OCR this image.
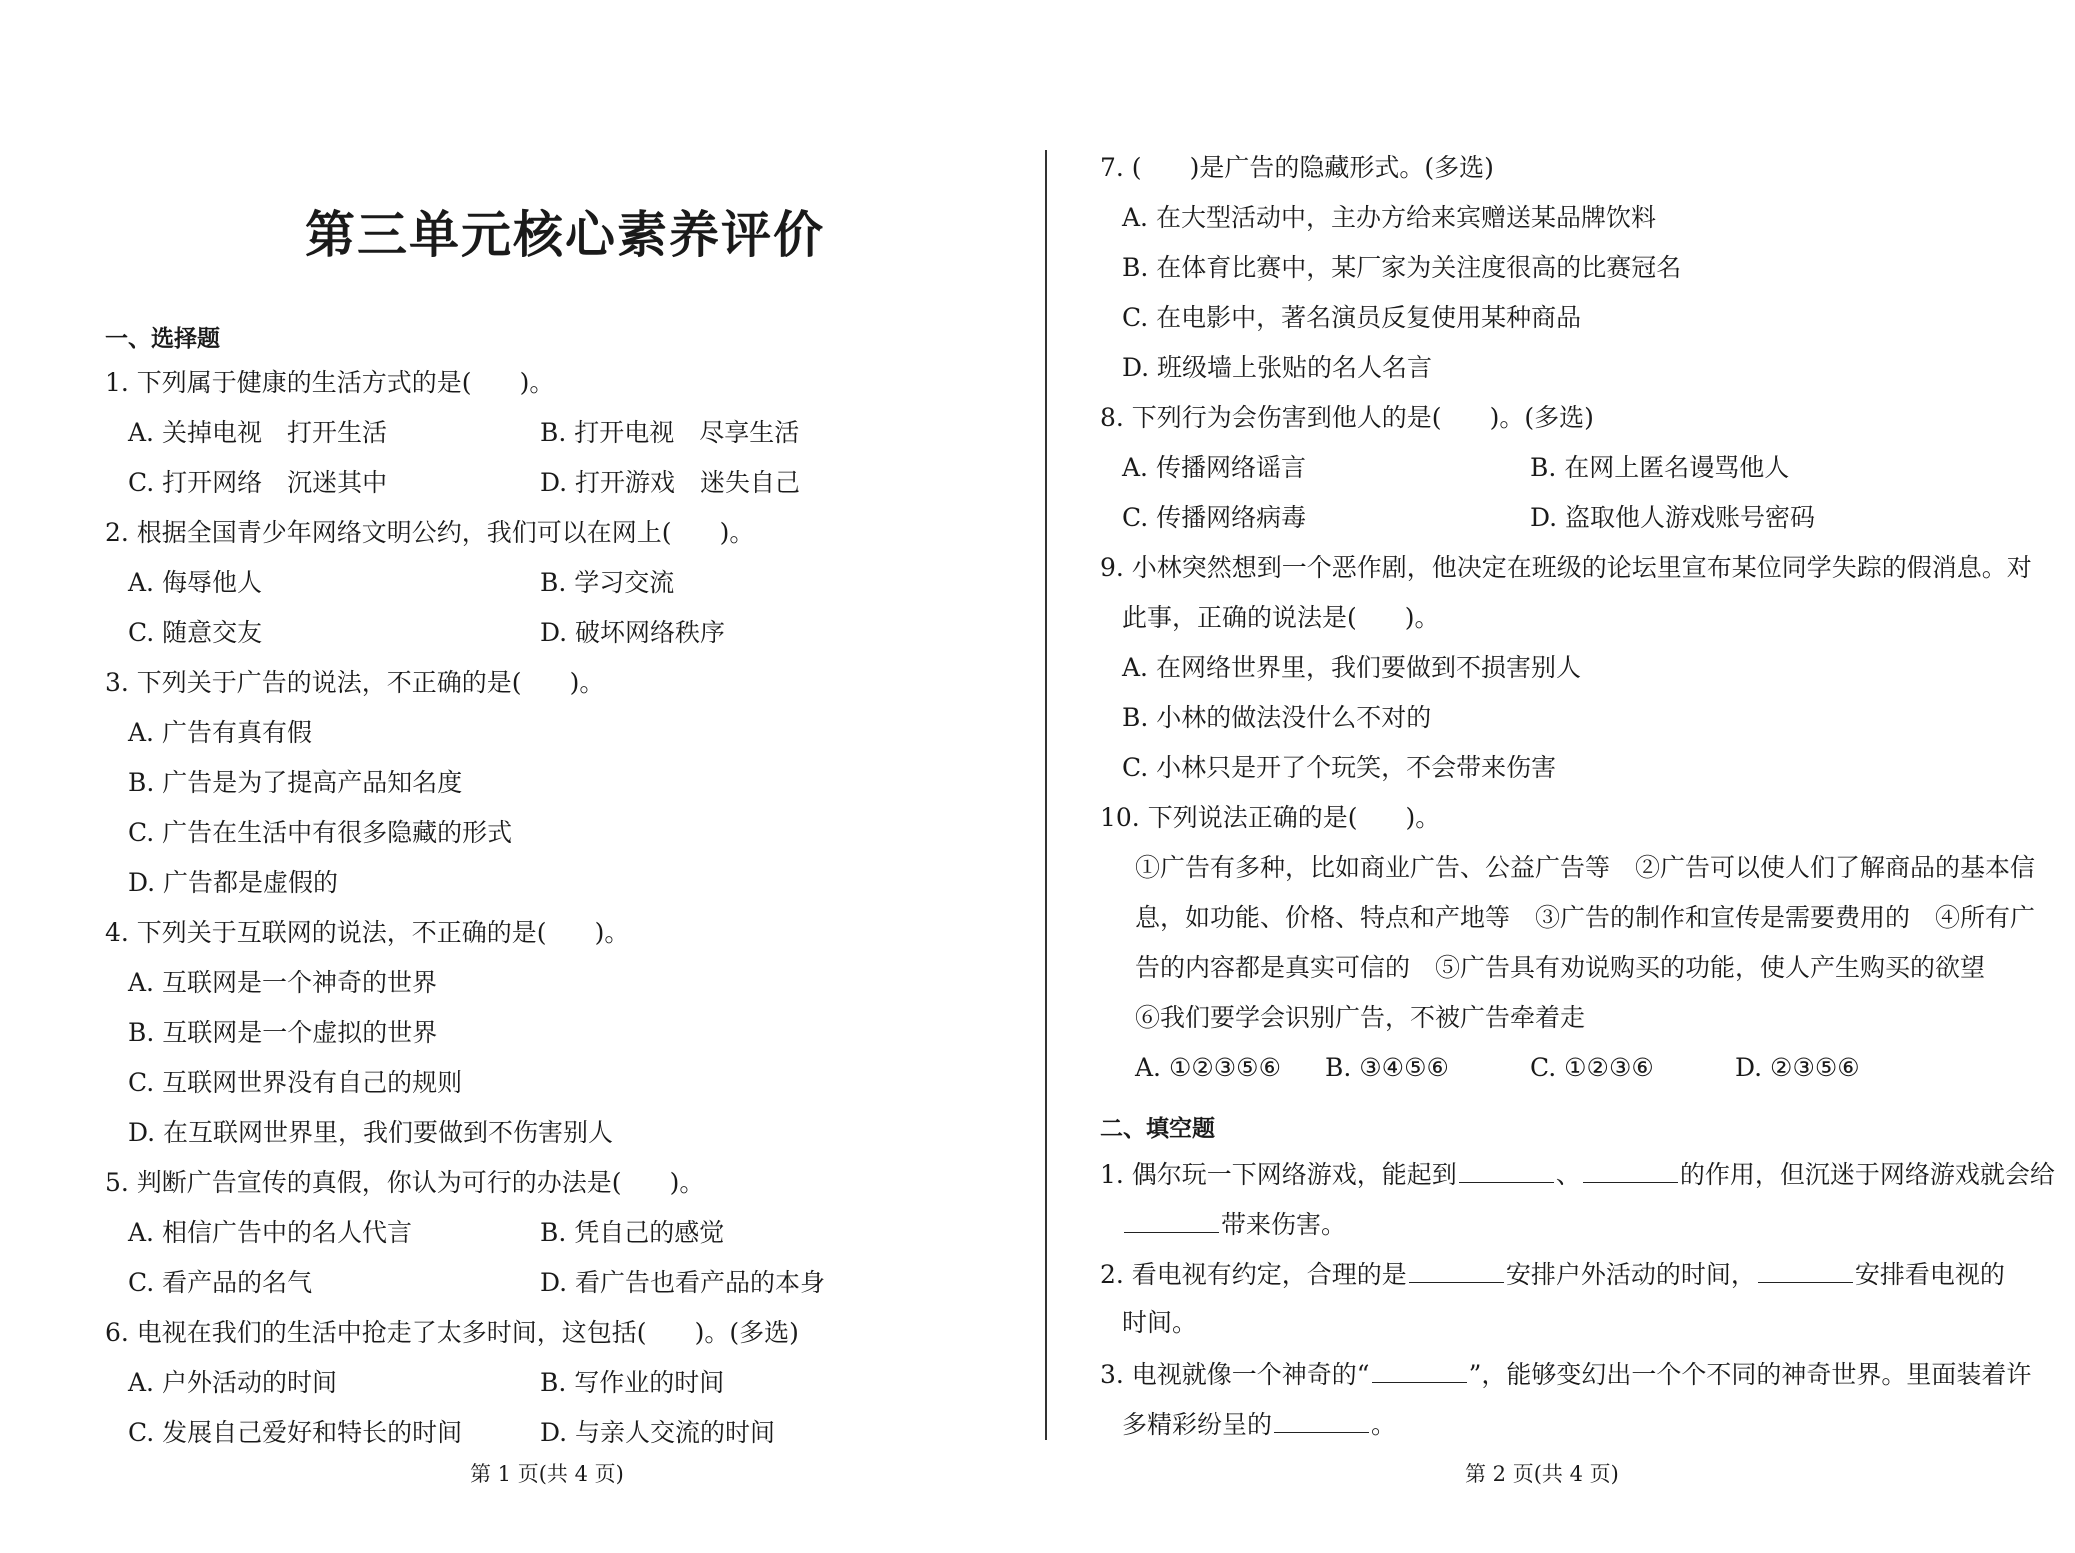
第三单元核心素养评价
一、选择题
1. 下列属于健康的生活方式的是( )。
A. 关掉电视　打开生活	B. 打开电视　尽享生活
C. 打开网络　沉迷其中	D. 打开游戏　迷失自己
2. 根据全国青少年网络文明公约，我们可以在网上( )。
A. 侮辱他人	B. 学习交流
C. 随意交友	D. 破坏网络秩序
3. 下列关于广告的说法，不正确的是( )。
A. 广告有真有假
B. 广告是为了提高产品知名度
C. 广告在生活中有很多隐藏的形式
D. 广告都是虚假的
4. 下列关于互联网的说法，不正确的是( )。
A. 互联网是一个神奇的世界
B. 互联网是一个虚拟的世界
C. 互联网世界没有自己的规则
D. 在互联网世界里，我们要做到不伤害别人
5. 判断广告宣传的真假，你认为可行的办法是( )。
A. 相信广告中的名人代言	B. 凭自己的感觉
C. 看产品的名气	D. 看广告也看产品的本身
6. 电视在我们的生活中抢走了太多时间，这包括( )。(多选)
A. 户外活动的时间	B. 写作业的时间
C. 发展自己爱好和特长的时间	D. 与亲人交流的时间
第 1 页(共 4 页)
7. ( )是广告的隐藏形式。(多选)
A. 在大型活动中，主办方给来宾赠送某品牌饮料
B. 在体育比赛中，某厂家为关注度很高的比赛冠名
C. 在电影中，著名演员反复使用某种商品
D. 班级墙上张贴的名人名言
8. 下列行为会伤害到他人的是( )。(多选)
A. 传播网络谣言	B. 在网上匿名谩骂他人
C. 传播网络病毒	D. 盗取他人游戏账号密码
9. 小林突然想到一个恶作剧，他决定在班级的论坛里宣布某位同学失踪的假消息。对
此事，正确的说法是( )。
A. 在网络世界里，我们要做到不损害别人
B. 小林的做法没什么不对的
C. 小林只是开了个玩笑，不会带来伤害
10. 下列说法正确的是( )。
①广告有多种，比如商业广告、公益广告等　②广告可以使人们了解商品的基本信
息，如功能、价格、特点和产地等　③广告的制作和宣传是需要费用的　④所有广
告的内容都是真实可信的　⑤广告具有劝说购买的功能，使人产生购买的欲望
⑥我们要学会识别广告，不被广告牵着走
A. ①②③⑤⑥ B. ③④⑤⑥	C. ①②③⑥	D. ②③⑤⑥
二、填空题
1. 偶尔玩一下网络游戏，能起到	、	的作用，但沉迷于网络游戏就会给
带来伤害。
2. 看电视有约定，合理的是	安排户外活动的时间，	安排看电视的
时间。
3. 电视就像一个神奇的“	”，能够变幻出一个个不同的神奇世界。里面装着许
多精彩纷呈的	。
第 2 页(共 4 页)
